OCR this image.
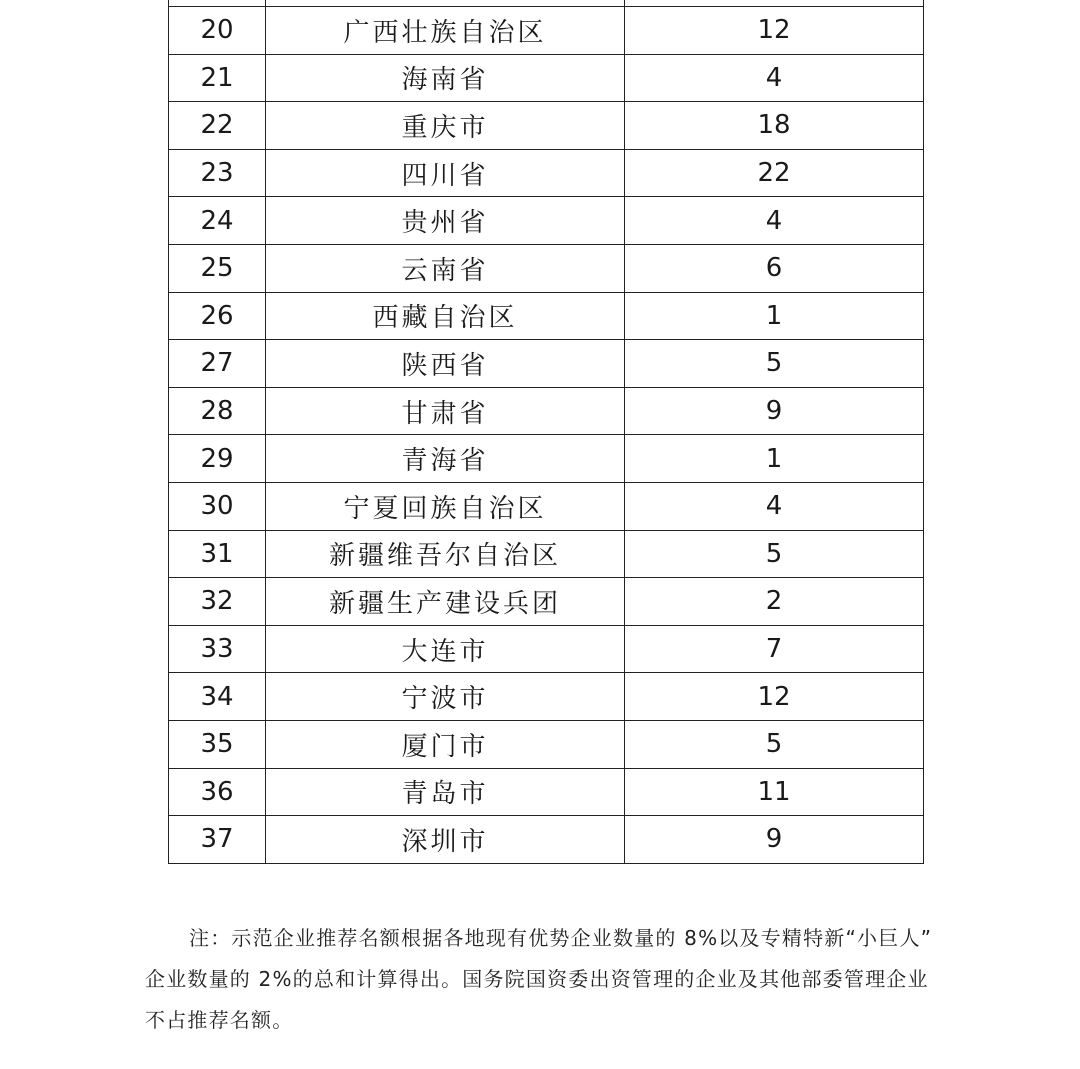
20	广西壮族自治区	12
21	海南省	4
22	重庆市	18
23	四川省	22
24	贵州省	4
25	云南省	6
26	西藏自治区	1
27	陕西省	5
28	甘肃省	9
29	青海省	1
30	宁夏回族自治区	4
31	新疆维吾尔自治区	5
32	新疆生产建设兵团	2
33	大连市	7
34	宁波市	12
35	厦门市	5
36	青岛市	11
37	深圳市	9

注：示范企业推荐名额根据各地现有优势企业数量的 8%以及专精特新“小巨人”

企业数量的 2%的总和计算得出。国务院国资委出资管理的企业及其他部委管理企业

不占推荐名额。
